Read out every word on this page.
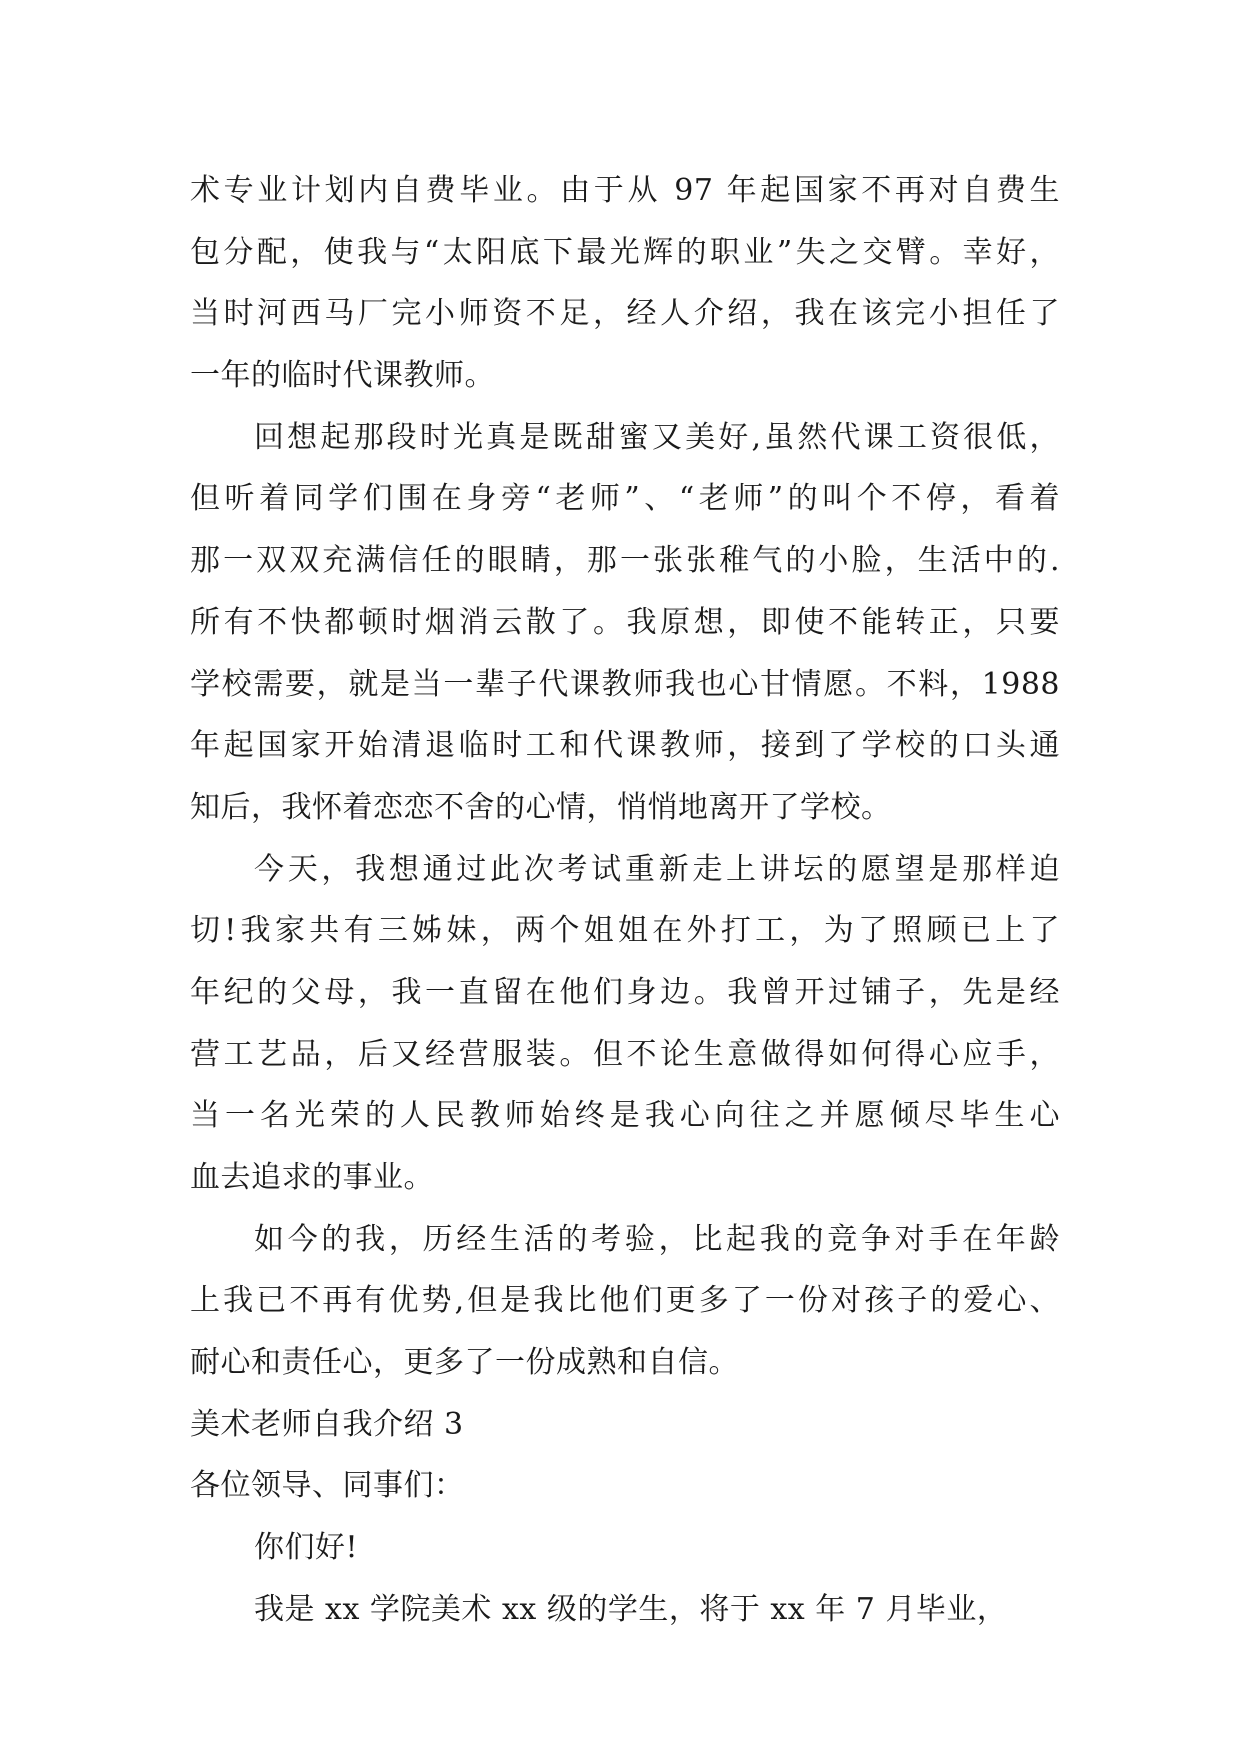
术专业计划内自费毕业。由于从 97 年起国家不再对自费生
包分配，使我与“太阳底下最光辉的职业”失之交臂。幸好，
当时河西马厂完小师资不足，经人介绍，我在该完小担任了
一年的临时代课教师。
回想起那段时光真是既甜蜜又美好,虽然代课工资很低，
但听着同学们围在身旁“老师”、“老师”的叫个不停，看着
那一双双充满信任的眼睛，那一张张稚气的小脸，生活中的.
所有不快都顿时烟消云散了。我原想，即使不能转正，只要
学校需要，就是当一辈子代课教师我也心甘情愿。不料，1988
年起国家开始清退临时工和代课教师，接到了学校的口头通
知后，我怀着恋恋不舍的心情，悄悄地离开了学校。
今天，我想通过此次考试重新走上讲坛的愿望是那样迫
切!我家共有三姊妹，两个姐姐在外打工，为了照顾已上了
年纪的父母，我一直留在他们身边。我曾开过铺子，先是经
营工艺品，后又经营服装。但不论生意做得如何得心应手，
当一名光荣的人民教师始终是我心向往之并愿倾尽毕生心
血去追求的事业。
如今的我，历经生活的考验，比起我的竞争对手在年龄
上我已不再有优势,但是我比他们更多了一份对孩子的爱心、
耐心和责任心，更多了一份成熟和自信。
美术老师自我介绍 3
各位领导、同事们：
你们好!
我是 xx 学院美术 xx 级的学生，将于 xx 年 7 月毕业，
